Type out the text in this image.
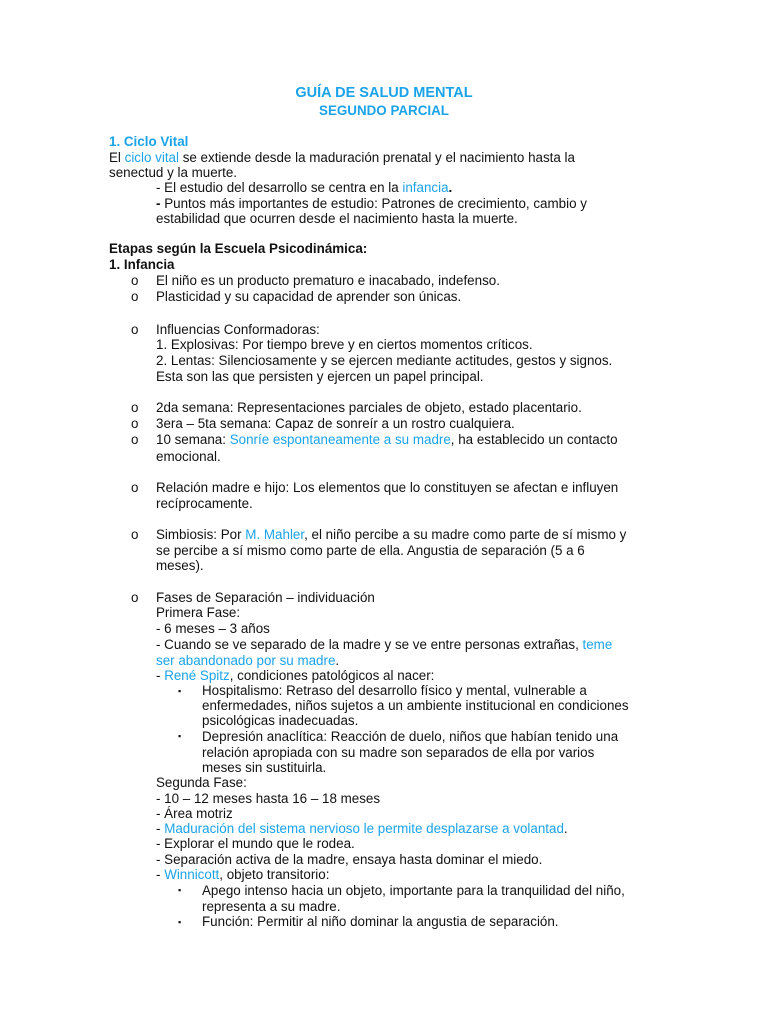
GUÍA DE SALUD MENTAL
SEGUNDO PARCIAL
1. Ciclo Vital
El ciclo vital se extiende desde la maduración prenatal y el nacimiento hasta la
senectud y la muerte.
- El estudio del desarrollo se centra en la infancia.
- Puntos más importantes de estudio: Patrones de crecimiento, cambio y
estabilidad que ocurren desde el nacimiento hasta la muerte.
Etapas según la Escuela Psicodinámica:
1. Infancia
o	El niño es un producto prematuro e inacabado, indefenso.
o	Plasticidad y su capacidad de aprender son únicas.
o	Influencias Conformadoras:
1. Explosivas: Por tiempo breve y en ciertos momentos críticos.
2. Lentas: Silenciosamente y se ejercen mediante actitudes, gestos y signos.
Esta son las que persisten y ejercen un papel principal.
o	2da semana: Representaciones parciales de objeto, estado placentario.
o	3era – 5ta semana: Capaz de sonreír a un rostro cualquiera.
o	10 semana: Sonríe espontaneamente a su madre, ha establecido un contacto
emocional.
o	Relación madre e hijo: Los elementos que lo constituyen se afectan e influyen
recíprocamente.
o	Simbiosis: Por M. Mahler, el niño percibe a su madre como parte de sí mismo y
se percibe a sí mismo como parte de ella. Angustia de separación (5 a 6
meses).
o	Fases de Separación – individuación
Primera Fase:
- 6 meses – 3 años
- Cuando se ve separado de la madre y se ve entre personas extrañas, teme
ser abandonado por su madre.
- René Spitz, condiciones patológicos al nacer:
▪ Hospitalismo: Retraso del desarrollo físico y mental, vulnerable a
enfermedades, niños sujetos a un ambiente institucional en condiciones
psicológicas inadecuadas.
▪ Depresión anaclítica: Reacción de duelo, niños que habían tenido una
relación apropiada con su madre son separados de ella por varios
meses sin sustituirla.
Segunda Fase:
- 10 – 12 meses hasta 16 – 18 meses
- Área motriz
- Maduración del sistema nervioso le permite desplazarse a volantad.
- Explorar el mundo que le rodea.
- Separación activa de la madre, ensaya hasta dominar el miedo.
- Winnicott, objeto transitorio:
▪ Apego intenso hacia un objeto, importante para la tranquilidad del niño,
representa a su madre.
▪ Función: Permitir al niño dominar la angustia de separación.
